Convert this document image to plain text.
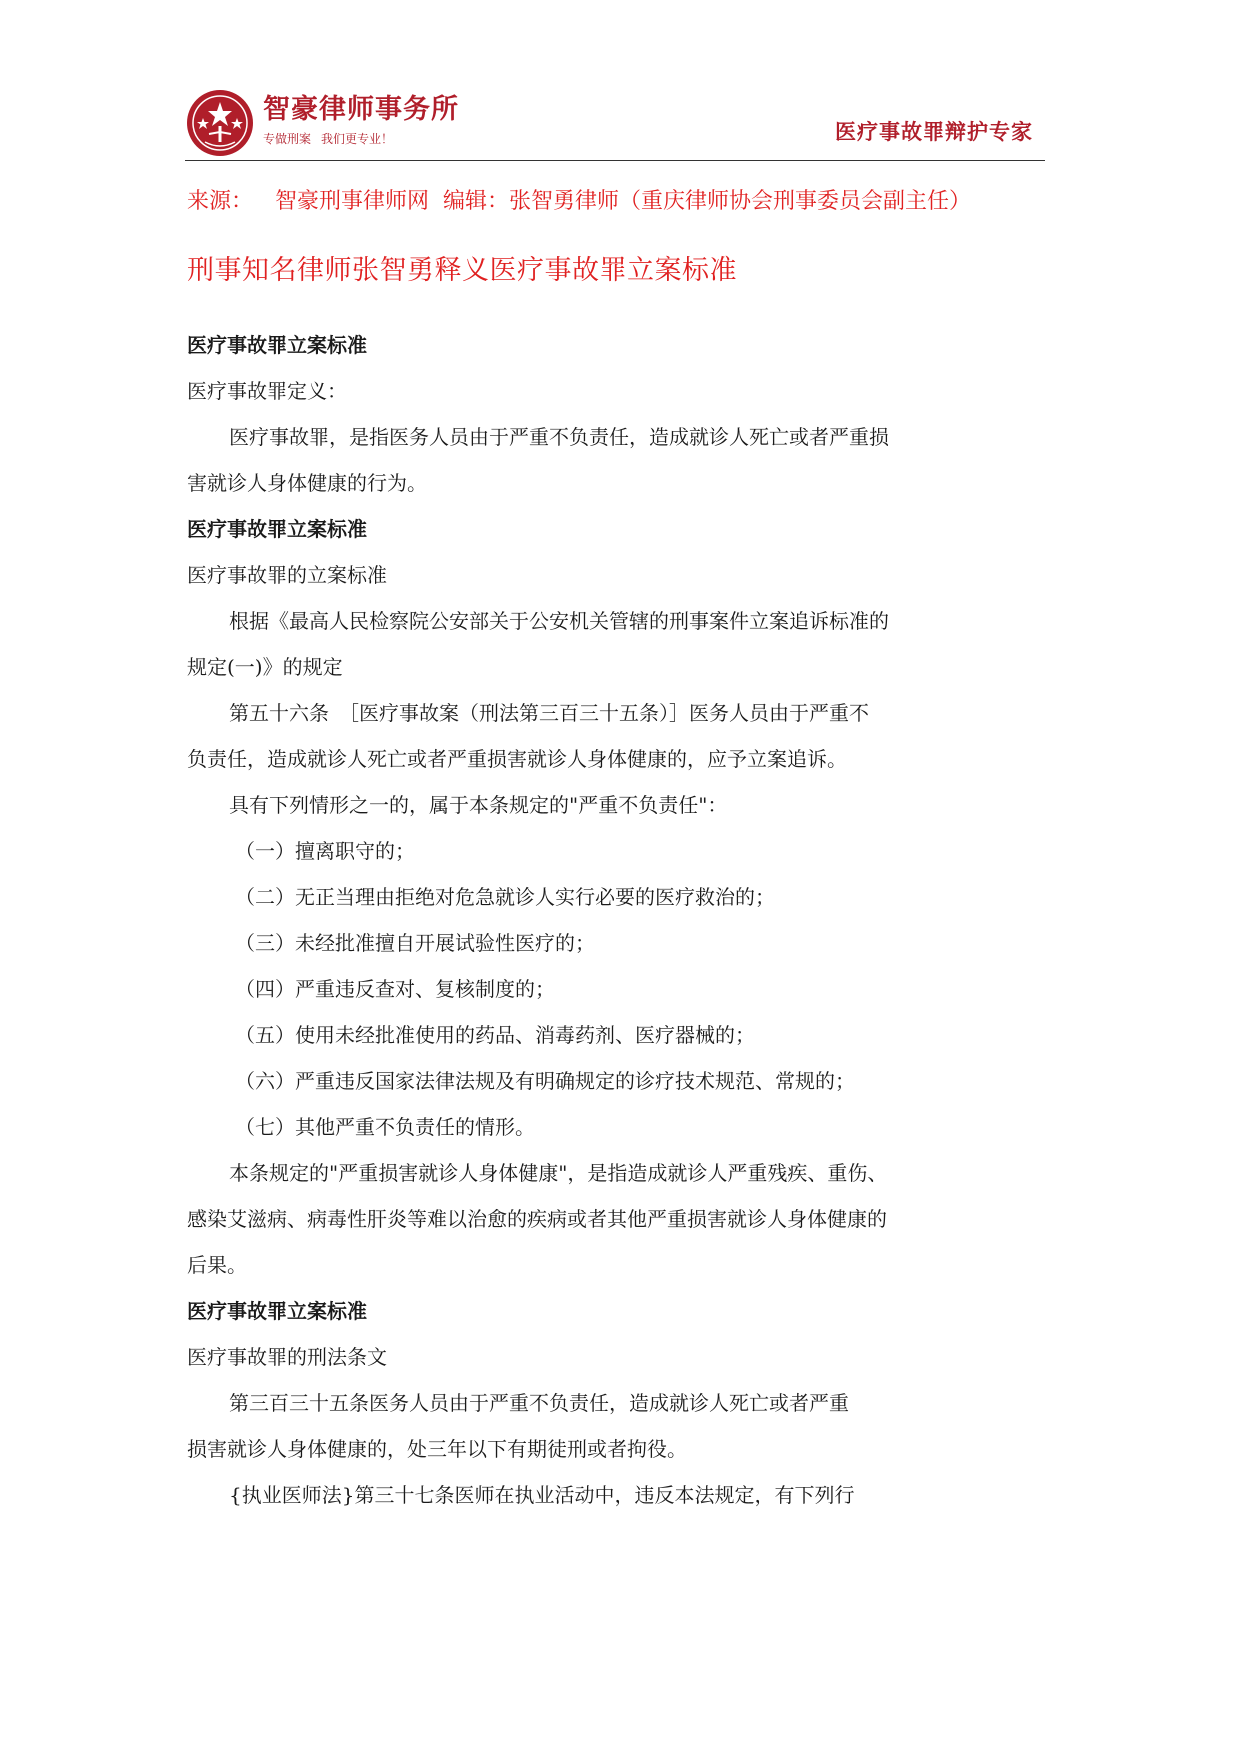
智豪律师事务所
专做刑案 我们更专业！	医疗事故罪辩护专家
来源： 智豪刑事律师网 编辑：张智勇律师（重庆律师协会刑事委员会副主任）
刑事知名律师张智勇释义医疗事故罪立案标准
医疗事故罪立案标准
医疗事故罪定义：
医疗事故罪，是指医务人员由于严重不负责任，造成就诊人死亡或者严重损
害就诊人身体健康的行为。
医疗事故罪立案标准
医疗事故罪的立案标准
根据《最高人民检察院公安部关于公安机关管辖的刑事案件立案追诉标准的
规定(一)》的规定
第五十六条　［医疗事故案（刑法第三百三十五条）］医务人员由于严重不
负责任，造成就诊人死亡或者严重损害就诊人身体健康的，应予立案追诉。
具有下列情形之一的，属于本条规定的"严重不负责任"：
（一）擅离职守的；
（二）无正当理由拒绝对危急就诊人实行必要的医疗救治的；
（三）未经批准擅自开展试验性医疗的；
（四）严重违反查对、复核制度的；
（五）使用未经批准使用的药品、消毒药剂、医疗器械的；
（六）严重违反国家法律法规及有明确规定的诊疗技术规范、常规的；
（七）其他严重不负责任的情形。
本条规定的"严重损害就诊人身体健康"，是指造成就诊人严重残疾、重伤、
感染艾滋病、病毒性肝炎等难以治愈的疾病或者其他严重损害就诊人身体健康的
后果。
医疗事故罪立案标准
医疗事故罪的刑法条文
第三百三十五条医务人员由于严重不负责任，造成就诊人死亡或者严重
损害就诊人身体健康的，处三年以下有期徒刑或者拘役。
{执业医师法}第三十七条医师在执业活动中，违反本法规定，有下列行
